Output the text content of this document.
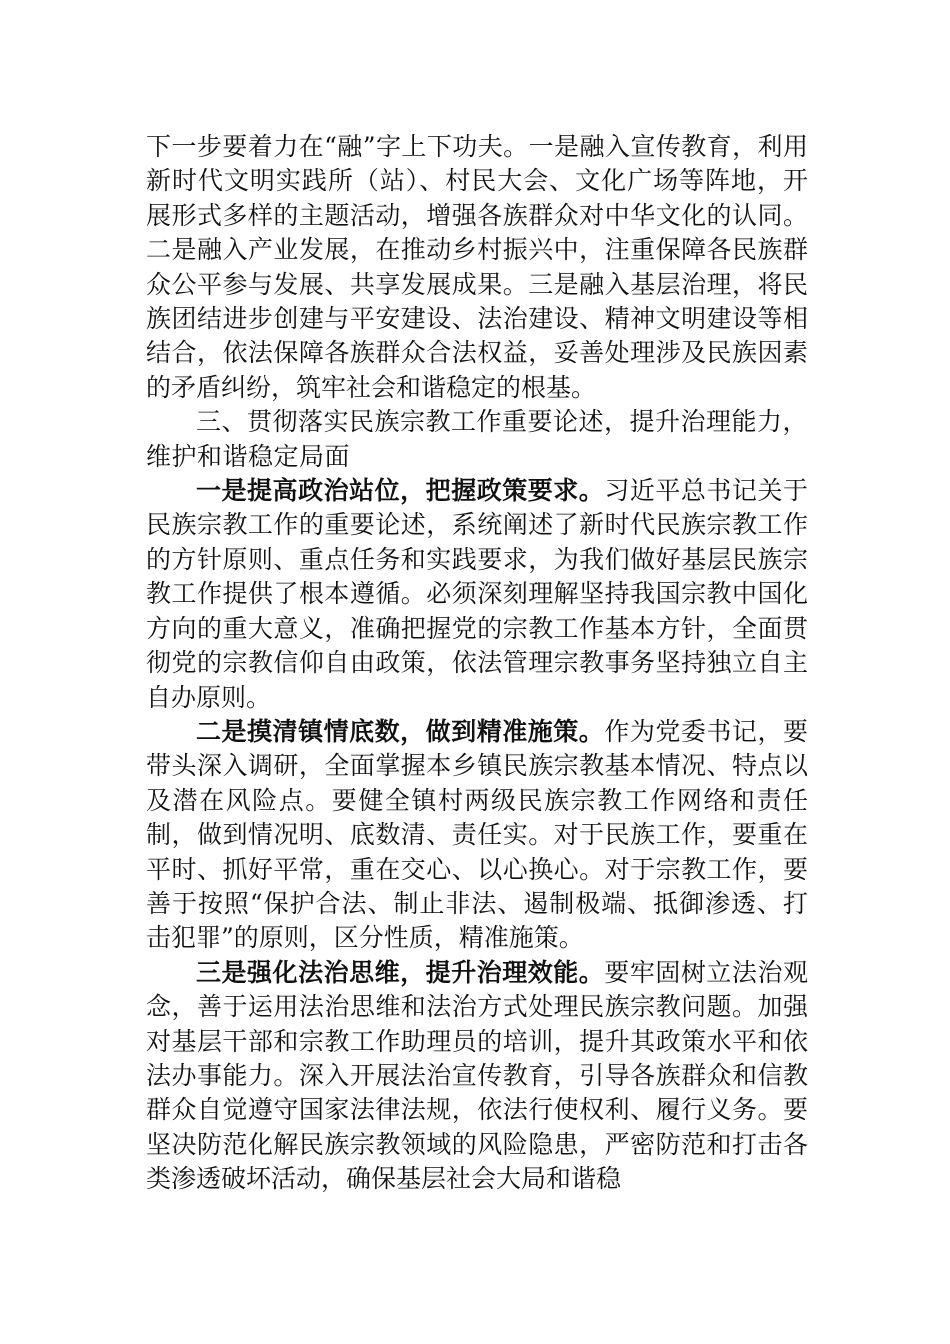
下一步要着力在“融”字上下功夫。一是融入宣传教育，利用新时代文明实践所（站）、村民大会、文化广场等阵地，开展形式多样的主题活动，增强各族群众对中华文化的认同。二是融入产业发展，在推动乡村振兴中，注重保障各民族群众公平参与发展、共享发展成果。三是融入基层治理，将民族团结进步创建与平安建设、法治建设、精神文明建设等相结合，依法保障各族群众合法权益，妥善处理涉及民族因素的矛盾纠纷，筑牢社会和谐稳定的根基。

三、贯彻落实民族宗教工作重要论述，提升治理能力，维护和谐稳定局面

一是提高政治站位，把握政策要求。习近平总书记关于民族宗教工作的重要论述，系统阐述了新时代民族宗教工作的方针原则、重点任务和实践要求，为我们做好基层民族宗教工作提供了根本遵循。必须深刻理解坚持我国宗教中国化方向的重大意义，准确把握党的宗教工作基本方针，全面贯彻党的宗教信仰自由政策，依法管理宗教事务坚持独立自主自办原则。

二是摸清镇情底数，做到精准施策。作为党委书记，要带头深入调研，全面掌握本乡镇民族宗教基本情况、特点以及潜在风险点。要健全镇村两级民族宗教工作网络和责任制，做到情况明、底数清、责任实。对于民族工作，要重在平时、抓好平常，重在交心、以心换心。对于宗教工作，要善于按照“保护合法、制止非法、遏制极端、抵御渗透、打击犯罪”的原则，区分性质，精准施策。

三是强化法治思维，提升治理效能。要牢固树立法治观念，善于运用法治思维和法治方式处理民族宗教问题。加强对基层干部和宗教工作助理员的培训，提升其政策水平和依法办事能力。深入开展法治宣传教育，引导各族群众和信教群众自觉遵守国家法律法规，依法行使权利、履行义务。要坚决防范化解民族宗教领域的风险隐患，严密防范和打击各类渗透破坏活动，确保基层社会大局和谐稳
